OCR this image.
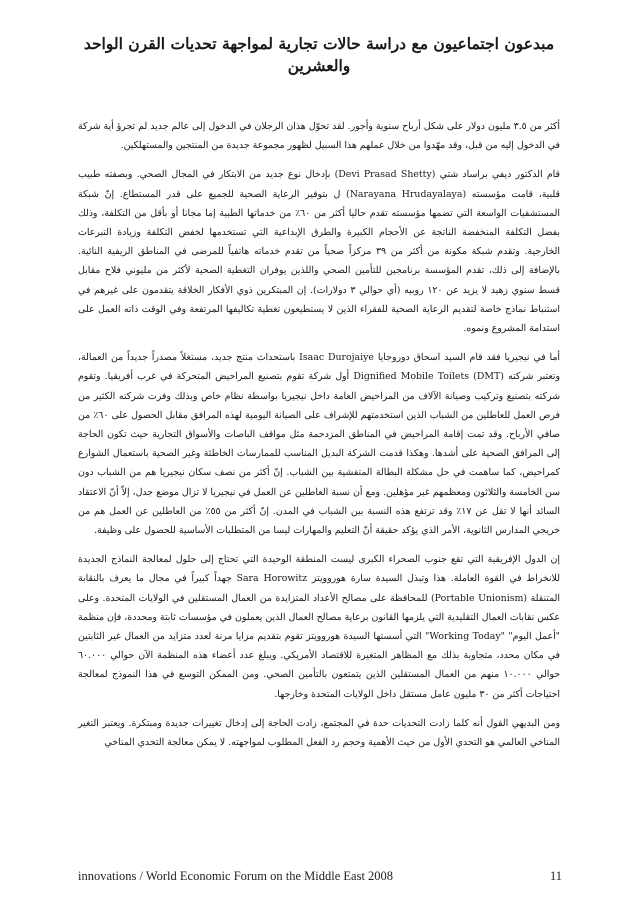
مبدعون اجتماعيون مع دراسة حالات تجارية لمواجهة تحديات القرن الواحد والعشرين

أكثر من ٣.٥ مليون دولار على شكل أرباح سنوية وأجور. لقد تحوّل هذان الرجلان في الدخول إلى عالم جديد لم تجرؤ أية شركة في الدخول إليه من قبل، وقد مهّدوا من خلال عملهم هذا السبيل لظهور مجموعة جديدة من المنتجين والمستهلكين.

قام الدكتور ديفي براساد شتي (Devi Prasad Shetty) بإدخال نوع جديد من الابتكار في المجال الصحي. وبصفته طبيب قلبية، قامت مؤسسته (Narayana Hrudayalaya) ل بتوفير الرعاية الصحية للجميع على قدر المستطاع. إنّ شبكة المستشفيات الواسعة التي تضمها مؤسسته تقدم حاليا أكثر من ٦٠٪ من خدماتها الطبية إما مجانا أو بأقل من التكلفة، وذلك بفضل التكلفة المنخفضة الناتجة عن الأحجام الكبيرة والطرق الإبداعية التي تستخدمها لخفض التكلفة وزيادة التبرعات الخارجية. وتقدم شبكة مكونة من أكثر من ٣٩ مركزاً صحياً من تقدم خدماته هاتفياً للمرضى في المناطق الريفية النائية. بالإضافة إلى ذلك، تقدم المؤسسة برنامجين للتأمين الصحي واللذين يوفران التغطية الصحية لأكثر من مليوني فلاح مقابل قسط سنوي زهيد لا يزيد عن ١٢٠ روبيه (أي حوالي ٣ دولارات). إن المبتكرين ذوي الأفكار الخلاقة يتقدمون على غيرهم في استنباط نماذج خاصة لتقديم الرعاية الصحية للفقراء الذين لا يستطيعون تغطية تكاليفها المرتفعة وفي الوقت ذاته العمل على استدامة المشروع ونموه.

أما في نيجيريا فقد قام السيد اسحاق دوروجايا Isaac Durojaiye باستحداث منتج جديد، مستغلاً مصدراً جديداً من العمالة، وتعتبر شركته (Dignified Mobile Toilets (DMT أول شركة تقوم بتصنيع المراحيض المتحركة في غرب أفريقيا. وتقوم شركته بتصنيع وتركيب وصيانة الآلاف من المراحيض العامة داخل نيجيريا بواسطة نظام خاص وبذلك وفرت شركته الكثير من فرص العمل للعاطلين من الشباب الذين استخدمتهم للإشراف على الصيانة اليومية لهذه المرافق مقابل الحصول على ٦٠٪ من صافي الأرباح. وقد تمت إقامة المراحيض في المناطق المزدحمة مثل مواقف الباصات والأسواق التجارية حيث تكون الحاجة إلى المرافق الصحية على أشدها. وهكذا قدمت الشركة البديل المناسب للممارسات الخاطئة وغير الصحية باستعمال الشوارع كمراحيض، كما ساهمت في حل مشكلة البطالة المتفشية بين الشباب. إنّ أكثر من نصف سكان نيجيريا هم من الشباب دون سن الخامسة والثلاثون ومعظمهم غير مؤهلين. ومع أن نسبة العاطلين عن العمل في نيجيريا لا تزال موضع جدل، إلاّ أنّ الاعتقاد السائد أنها لا تقل عن ١٧٪ وقد ترتفع هذه النسبة بين الشباب في المدن. إنّ أكثر من ٥٥٪ من العاطلين عن العمل هم من خريجي المدارس الثانوية، الأمر الذي يؤكد حقيقة أنّ التعليم والمهارات ليسا من المتطلبات الأساسية للحصول على وظيفة.

إن الدول الإفريقية التي تقع جنوب الصحراء الكبرى ليست المنطقة الوحيدة التي تحتاج إلى حلول لمعالجة النماذج الجديدة للانخراط في القوة العاملة. هذا وتبذل السيدة سارة هوروويتز Sara Horowitz جهداً كبيراً في مجال ما يعرف بالنقابة المتنقلة (Portable Unionism) للمحافظة على مصالح الأعداد المتزايدة من العمال المستقلين في الولايات المتحدة. وعلى عكس نقابات العمال التقليدية التي يلزمها القانون برعاية مصالح العمال الذين يعملون في مؤسسات ثابتة ومحددة، فإن منظمة "أعمل اليوم" "Working Today" التي أسستها السيدة هوروويتز تقوم بتقديم مزايا مرنة لعدد متزايد من العمال غير الثابتين في مكان محدد، متجاوبة بذلك مع المظاهر المتغيرة للاقتصاد الأمريكي. ويبلغ عدد أعضاء هذه المنظمة الآن حوالي ٦٠.٠٠٠ حوالي ١٠.٠٠٠ منهم من العمال المستقلين الذين يتمتعون بالتأمين الصحي. ومن الممكن التوسع في هذا النموذج لمعالجة احتياجات أكثر من ٣٠ مليون عامل مستقل داخل الولايات المتحدة وخارجها.

ومن البديهي القول أنه كلما زادت التحديات حدة في المجتمع، زادت الحاجة إلى إدخال تغييرات جديدة ومبتكرة. ويعتبر التغير المناخي العالمي هو التحدي الأول من حيث الأهمية وحجم رد الفعل المطلوب لمواجهته. لا يمكن معالجة التحدي المناخي

innovations / World Economic Forum on the Middle East 2008	11
